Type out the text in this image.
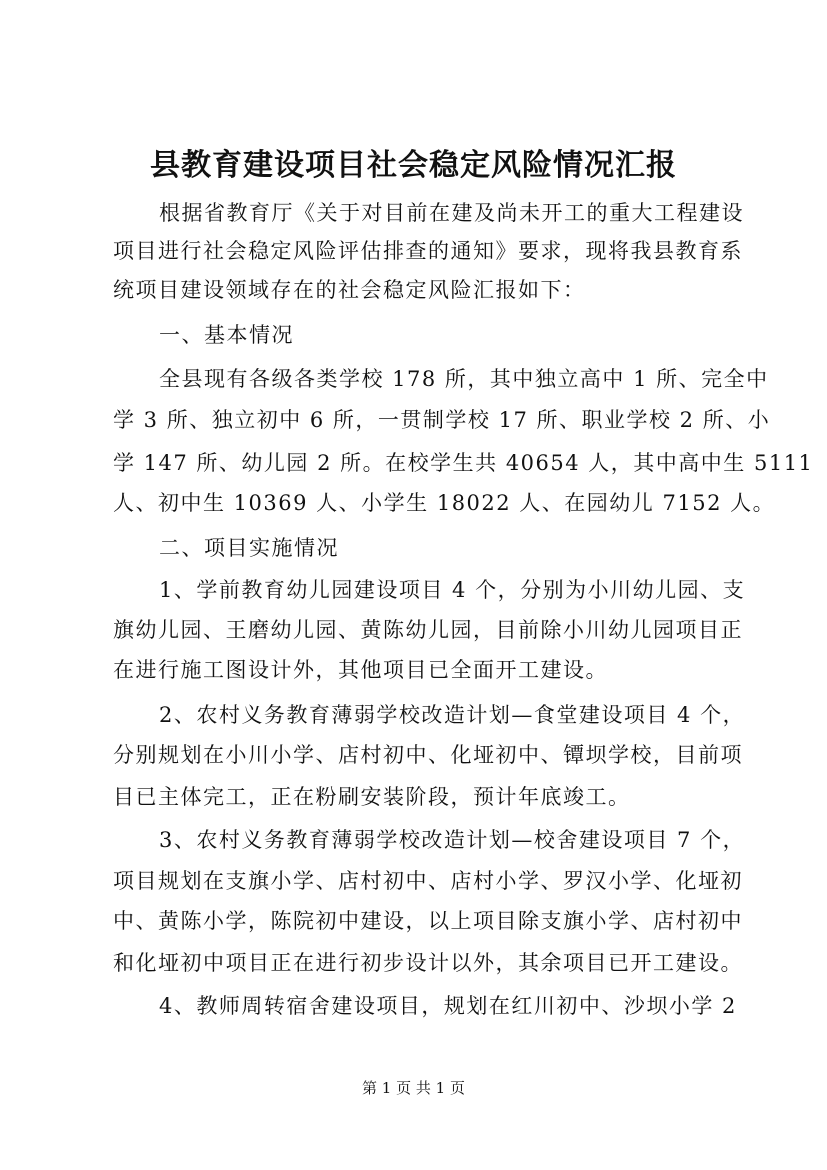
县教育建设项目社会稳定风险情况汇报
根据省教育厅《关于对目前在建及尚未开工的重大工程建设
项目进行社会稳定风险评估排查的通知》要求，现将我县教育系
统项目建设领域存在的社会稳定风险汇报如下：
一、基本情况
全县现有各级各类学校 178 所，其中独立高中 1 所、完全中
学 3 所、独立初中 6 所，一贯制学校 17 所、职业学校 2 所、小
学 147 所、幼儿园 2 所。在校学生共 40654 人，其中高中生 5111
人、初中生 10369 人、小学生 18022 人、在园幼儿 7152 人。
二、项目实施情况
1、学前教育幼儿园建设项目 4 个，分别为小川幼儿园、支
旗幼儿园、王磨幼儿园、黄陈幼儿园，目前除小川幼儿园项目正
在进行施工图设计外，其他项目已全面开工建设。
2、农村义务教育薄弱学校改造计划—食堂建设项目 4 个，
分别规划在小川小学、店村初中、化垭初中、镡坝学校，目前项
目已主体完工，正在粉刷安装阶段，预计年底竣工。
3、农村义务教育薄弱学校改造计划—校舍建设项目 7 个，
项目规划在支旗小学、店村初中、店村小学、罗汉小学、化垭初
中、黄陈小学，陈院初中建设，以上项目除支旗小学、店村初中
和化垭初中项目正在进行初步设计以外，其余项目已开工建设。
4、教师周转宿舍建设项目，规划在红川初中、沙坝小学 2
第 1 页 共 1 页
